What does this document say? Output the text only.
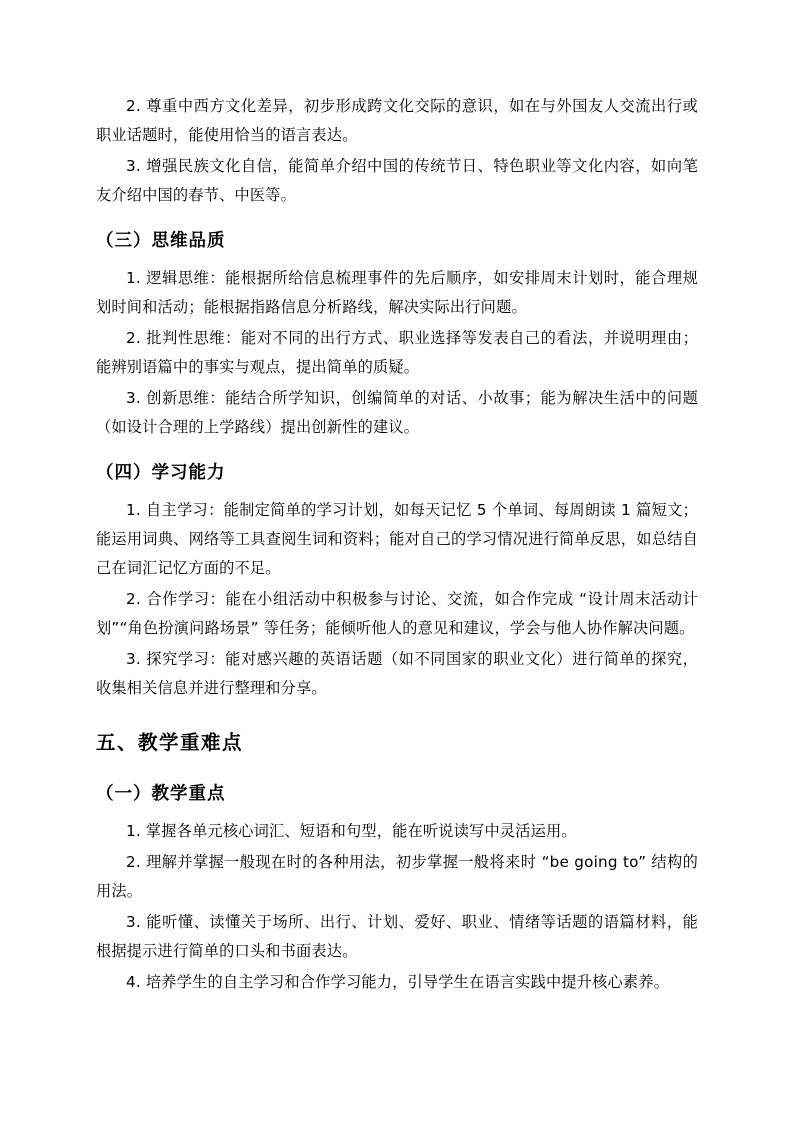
2. 尊重中西方文化差异，初步形成跨文化交际的意识，如在与外国友人交流出行或职业话题时，能使用恰当的语言表达。

3. 增强民族文化自信，能简单介绍中国的传统节日、特色职业等文化内容，如向笔友介绍中国的春节、中医等。

（三）思维品质

1. 逻辑思维：能根据所给信息梳理事件的先后顺序，如安排周末计划时，能合理规划时间和活动；能根据指路信息分析路线，解决实际出行问题。

2. 批判性思维：能对不同的出行方式、职业选择等发表自己的看法，并说明理由；能辨别语篇中的事实与观点，提出简单的质疑。

3. 创新思维：能结合所学知识，创编简单的对话、小故事；能为解决生活中的问题（如设计合理的上学路线）提出创新性的建议。

（四）学习能力

1. 自主学习：能制定简单的学习计划，如每天记忆 5 个单词、每周朗读 1 篇短文；能运用词典、网络等工具查阅生词和资料；能对自己的学习情况进行简单反思，如总结自己在词汇记忆方面的不足。

2. 合作学习：能在小组活动中积极参与讨论、交流，如合作完成 “设计周末活动计划”“角色扮演问路场景” 等任务；能倾听他人的意见和建议，学会与他人协作解决问题。

3. 探究学习：能对感兴趣的英语话题（如不同国家的职业文化）进行简单的探究，收集相关信息并进行整理和分享。

五、教学重难点
（一）教学重点

1. 掌握各单元核心词汇、短语和句型，能在听说读写中灵活运用。

2. 理解并掌握一般现在时的各种用法，初步掌握一般将来时 “be going to” 结构的用法。

3. 能听懂、读懂关于场所、出行、计划、爱好、职业、情绪等话题的语篇材料，能根据提示进行简单的口头和书面表达。

4. 培养学生的自主学习和合作学习能力，引导学生在语言实践中提升核心素养。
